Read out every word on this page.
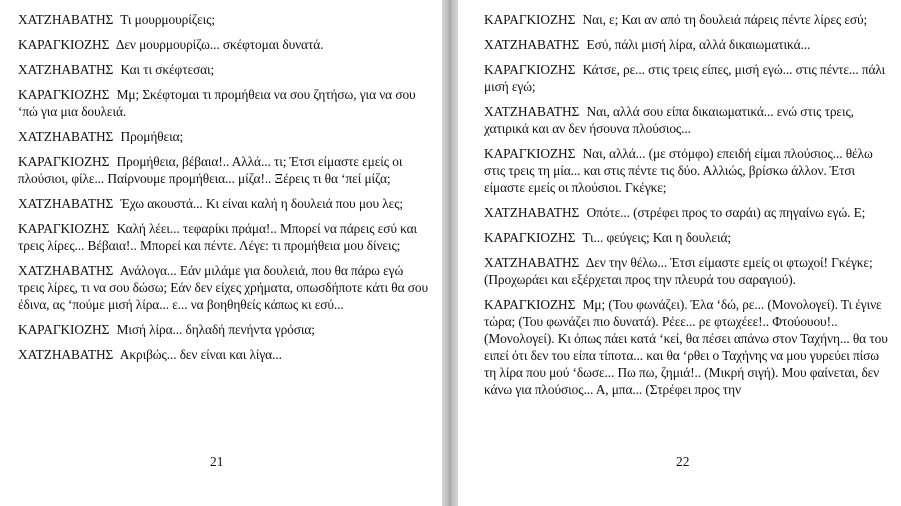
ΧΑΤΖΗΑΒΑΤΗΣ Τι μουρμουρίζεις;

ΚΑΡΑΓΚΙΟΖΗΣ Δεν μουρμουρίζω... σκέφτομαι δυνατά.

ΧΑΤΖΗΑΒΑΤΗΣ Και τι σκέφτεσαι;

ΚΑΡΑΓΚΙΟΖΗΣ Μμ; Σκέφτομαι τι προμήθεια να σου ζητήσω, για να σου ‘πώ για μια δουλειά.

ΧΑΤΖΗΑΒΑΤΗΣ Προμήθεια;

ΚΑΡΑΓΚΙΟΖΗΣ Προμήθεια, βέβαια!.. Αλλά... τι; Έτσι είμαστε εμείς οι πλούσιοι, φίλε... Παίρνουμε προμήθεια... μίζα!.. Ξέρεις τι θα ‘πεί μίζα;

ΧΑΤΖΗΑΒΑΤΗΣ Έχω ακουστά... Κι είναι καλή η δουλειά που μου λες;

ΚΑΡΑΓΚΙΟΖΗΣ Καλή λέει... τεφαρίκι πράμα!.. Μπορεί να πάρεις εσύ και τρεις λίρες... Βέβαια!.. Μπορεί και πέντε. Λέγε: τι προμήθεια μου δίνεις;

ΧΑΤΖΗΑΒΑΤΗΣ Ανάλογα... Εάν μιλάμε για δουλειά, που θα πάρω εγώ τρεις λίρες, τι να σου δώσω; Εάν δεν είχες χρήματα, οπωσδήποτε κάτι θα σου έδινα, ας ‘πούμε μισή λίρα... ε... να βοηθηθείς κάπως κι εσύ...

ΚΑΡΑΓΚΙΟΖΗΣ Μισή λίρα... δηλαδή πενήντα γρόσια;

ΧΑΤΖΗΑΒΑΤΗΣ Ακριβώς... δεν είναι και λίγα...

21

ΚΑΡΑΓΚΙΟΖΗΣ Ναι, ε; Και αν από τη δουλειά πάρεις πέντε λίρες εσύ;

ΧΑΤΖΗΑΒΑΤΗΣ Εσύ, πάλι μισή λίρα, αλλά δικαιωματικά...

ΚΑΡΑΓΚΙΟΖΗΣ Κάτσε, ρε... στις τρεις είπες, μισή εγώ... στις πέντε... πάλι μισή εγώ;

ΧΑΤΖΗΑΒΑΤΗΣ Ναι, αλλά σου είπα δικαιωματικά... ενώ στις τρεις, χατιρικά και αν δεν ήσουνα πλούσιος...

ΚΑΡΑΓΚΙΟΖΗΣ Ναι, αλλά... (με στόμφο) επειδή είμαι πλούσιος... θέλω στις τρεις τη μία... και στις πέντε τις δύο. Αλλιώς, βρίσκω άλλον. Έτσι είμαστε εμείς οι πλούσιοι. Γκέγκε;

ΧΑΤΖΗΑΒΑΤΗΣ Οπότε... (στρέφει προς το σαράι) ας πηγαίνω εγώ. Ε;

ΚΑΡΑΓΚΙΟΖΗΣ Τι... φεύγεις; Και η δουλειά;

ΧΑΤΖΗΑΒΑΤΗΣ Δεν την θέλω... Έτσι είμαστε εμείς οι φτωχοί! Γκέγκε; (Προχωράει και εξέρχεται προς την πλευρά του σαραγιού).

ΚΑΡΑΓΚΙΟΖΗΣ Μμ; (Του φωνάζει). Έλα ‘δώ, ρε... (Μονολογεί). Τι έγινε τώρα; (Του φωνάζει πιο δυνατά). Ρέεε... ρε φτωχέεε!.. Φτούουου!.. (Μονολογεί). Κι όπως πάει κατά ‘κεί, θα πέσει απάνω στον Ταχήνη... θα του ειπεί ότι δεν του είπα τίποτα... και θα ‘ρθει ο Ταχήνης να μου γυρεύει πίσω τη λίρα που μού ‘δωσε... Πω πω, ζημιά!.. (Μικρή σιγή). Μου φαίνεται, δεν κάνω για πλούσιος... Α, μπα... (Στρέφει προς την

22
